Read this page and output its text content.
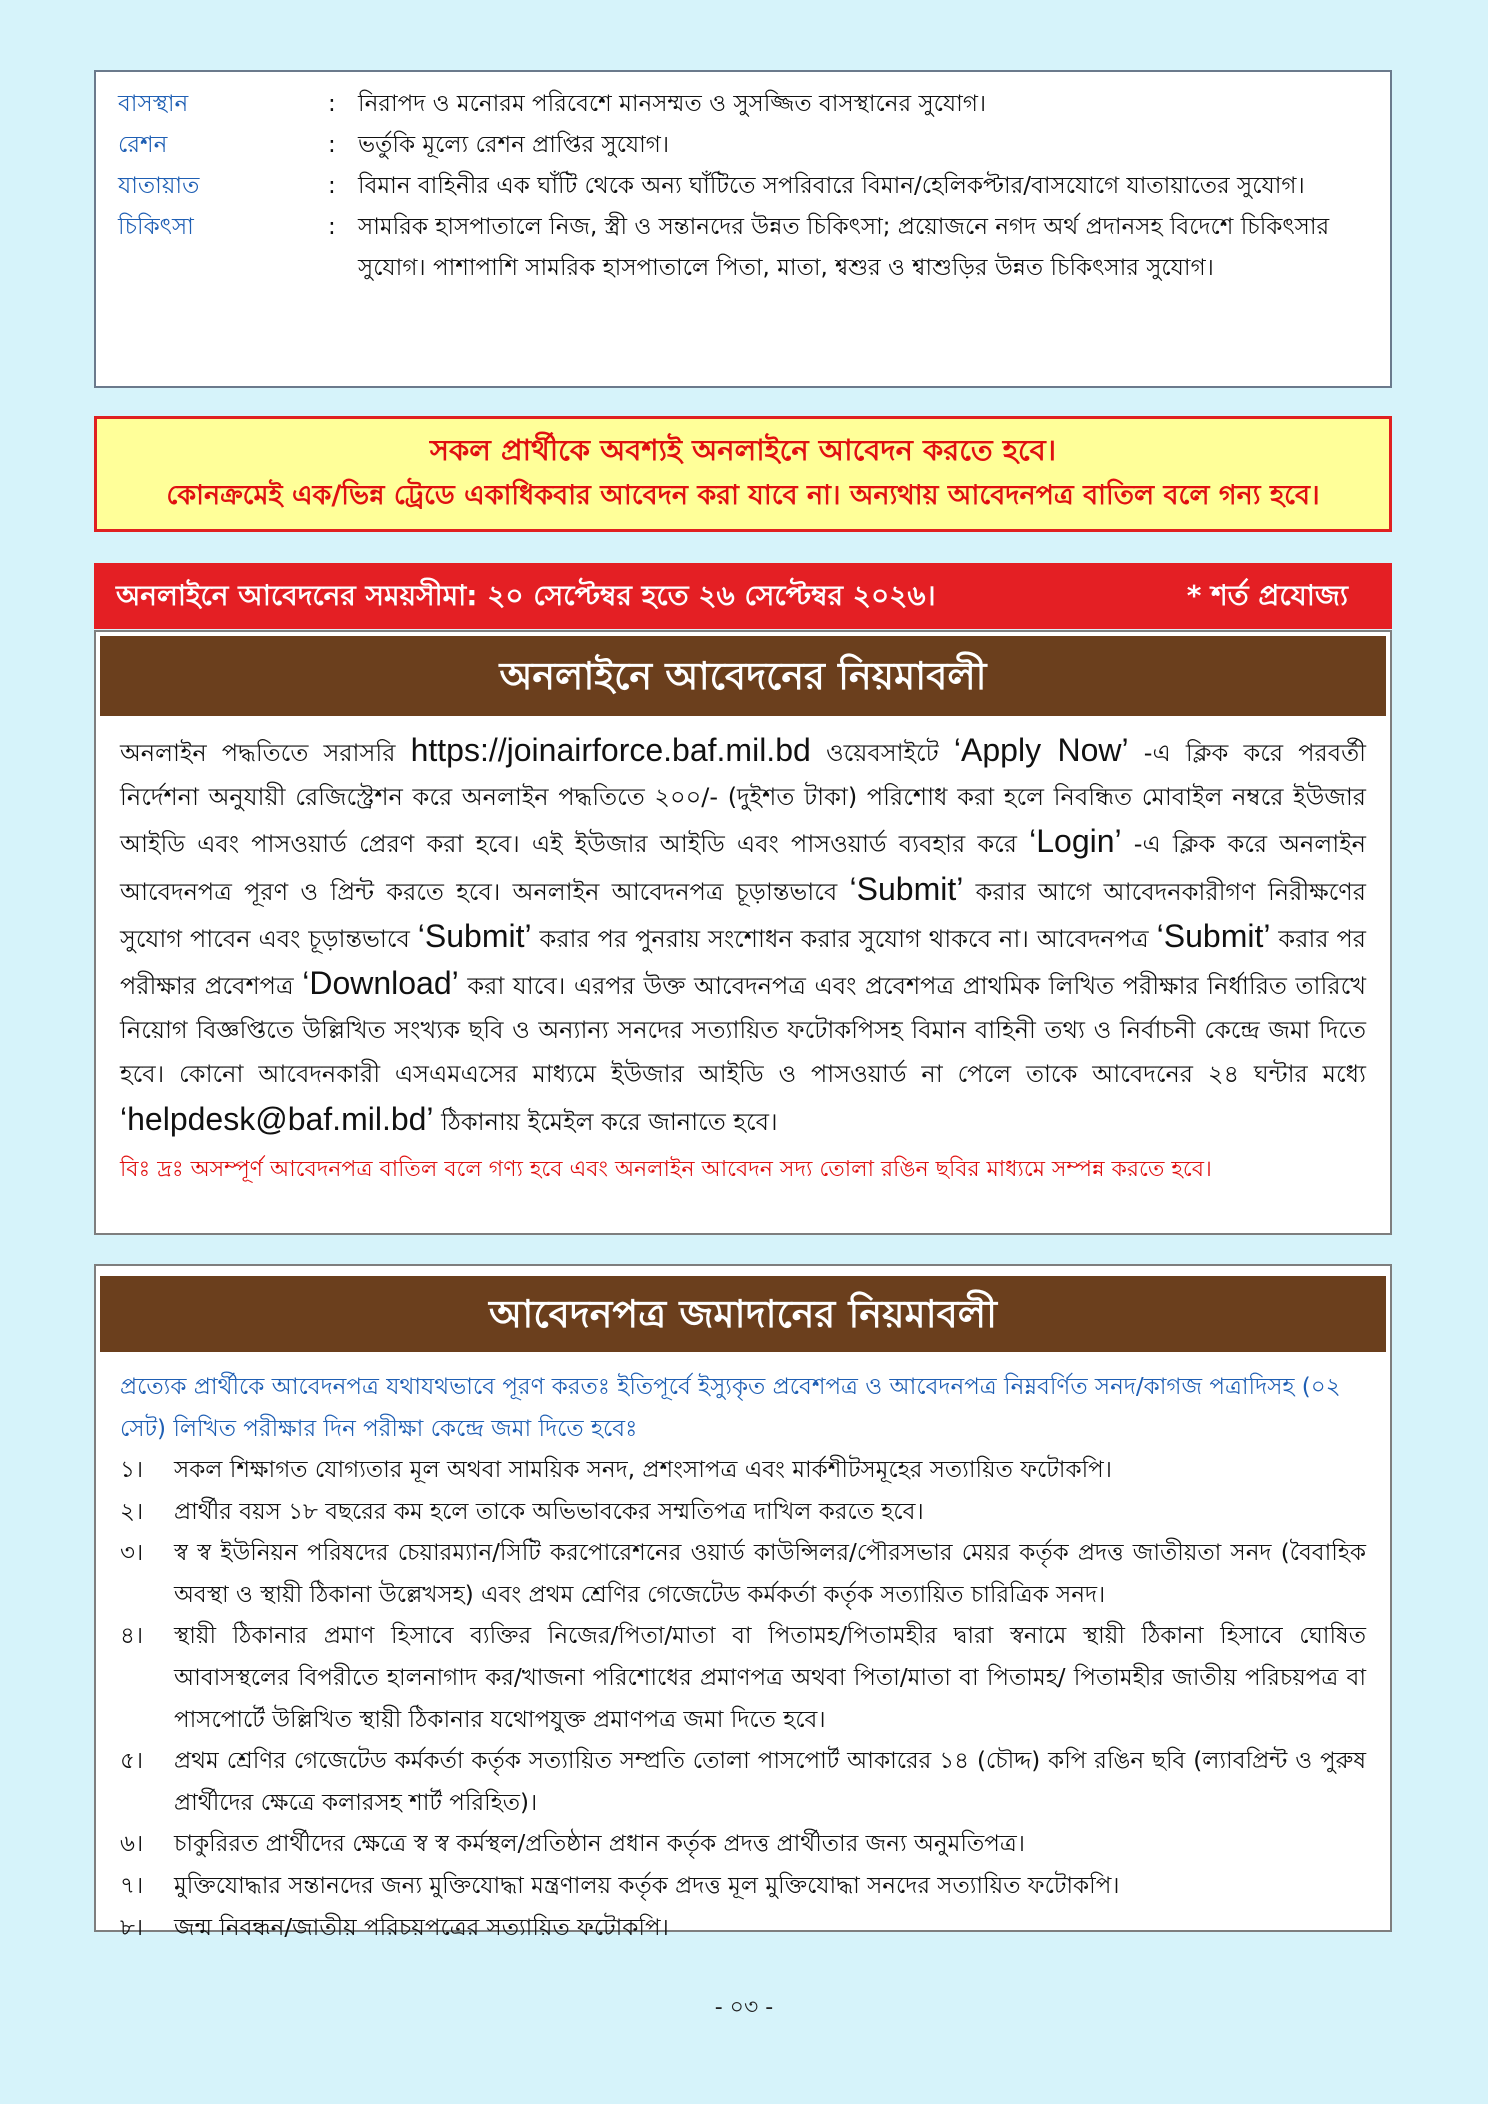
বাসস্থান	: নিরাপদ ও মনোরম পরিবেশে মানসম্মত ও সুসজ্জিত বাসস্থানের সুযোগ।
রেশন	: ভর্তুকি মূল্যে রেশন প্রাপ্তির সুযোগ।
যাতায়াত	: বিমান বাহিনীর এক ঘাঁটি থেকে অন্য ঘাঁটিতে সপরিবারে বিমান/হেলিকপ্টার/বাসযোগে যাতায়াতের সুযোগ।
চিকিৎসা	: সামরিক হাসপাতালে নিজ, স্ত্রী ও সন্তানদের উন্নত চিকিৎসা; প্রয়োজনে নগদ অর্থ প্রদানসহ বিদেশে চিকিৎসার সুযোগ। পাশাপাশি সামরিক হাসপাতালে পিতা, মাতা, শ্বশুর ও শ্বাশুড়ির উন্নত চিকিৎসার সুযোগ।
সকল প্রার্থীকে অবশ্যই অনলাইনে আবেদন করতে হবে।
কোনক্রমেই এক/ভিন্ন ট্রেডে একাধিকবার আবেদন করা যাবে না। অন্যথায় আবেদনপত্র বাতিল বলে গন্য হবে।
অনলাইনে আবেদনের সময়সীমা: ২০ সেপ্টেম্বর হতে ২৬ সেপ্টেম্বর ২০২৬।	* শর্ত প্রযোজ্য
অনলাইনে আবেদনের নিয়মাবলী
অনলাইন পদ্ধতিতে সরাসরি https://joinairforce.baf.mil.bd ওয়েবসাইটে ‘Apply Now’ -এ ক্লিক করে পরবর্তী নির্দেশনা অনুযায়ী রেজিস্ট্রেশন করে অনলাইন পদ্ধতিতে ২০০/- (দুইশত টাকা) পরিশোধ করা হলে নিবন্ধিত মোবাইল নম্বরে ইউজার আইডি এবং পাসওয়ার্ড প্রেরণ করা হবে। এই ইউজার আইডি এবং পাসওয়ার্ড ব্যবহার করে ‘Login’ -এ ক্লিক করে অনলাইন আবেদনপত্র পূরণ ও প্রিন্ট করতে হবে। অনলাইন আবেদনপত্র চূড়ান্তভাবে ‘Submit’ করার আগে আবেদনকারীগণ নিরীক্ষণের সুযোগ পাবেন এবং চূড়ান্তভাবে ‘Submit’ করার পর পুনরায় সংশোধন করার সুযোগ থাকবে না। আবেদনপত্র ‘Submit’ করার পর পরীক্ষার প্রবেশপত্র ‘Download’ করা যাবে। এরপর উক্ত আবেদনপত্র এবং প্রবেশপত্র প্রাথমিক লিখিত পরীক্ষার নির্ধারিত তারিখে নিয়োগ বিজ্ঞপ্তিতে উল্লিখিত সংখ্যক ছবি ও অন্যান্য সনদের সত্যায়িত ফটোকপিসহ বিমান বাহিনী তথ্য ও নির্বাচনী কেন্দ্রে জমা দিতে হবে। কোনো আবেদনকারী এসএমএসের মাধ্যমে ইউজার আইডি ও পাসওয়ার্ড না পেলে তাকে আবেদনের ২৪ ঘন্টার মধ্যে ‘helpdesk@baf.mil.bd’ ঠিকানায় ইমেইল করে জানাতে হবে।
বিঃ দ্রঃ অসম্পূর্ণ আবেদনপত্র বাতিল বলে গণ্য হবে এবং অনলাইন আবেদন সদ্য তোলা রঙিন ছবির মাধ্যমে সম্পন্ন করতে হবে।
আবেদনপত্র জমাদানের নিয়মাবলী
প্রত্যেক প্রার্থীকে আবেদনপত্র যথাযথভাবে পূরণ করতঃ ইতিপূর্বে ইস্যুকৃত প্রবেশপত্র ও আবেদনপত্র নিম্নবর্ণিত সনদ/কাগজ পত্রাদিসহ (০২ সেট) লিখিত পরীক্ষার দিন পরীক্ষা কেন্দ্রে জমা দিতে হবেঃ
১।	সকল শিক্ষাগত যোগ্যতার মূল অথবা সাময়িক সনদ, প্রশংসাপত্র এবং মার্কশীটসমূহের সত্যায়িত ফটোকপি।
২।	প্রার্থীর বয়স ১৮ বছরের কম হলে তাকে অভিভাবকের সম্মতিপত্র দাখিল করতে হবে।
৩।	স্ব স্ব ইউনিয়ন পরিষদের চেয়ারম্যান/সিটি করপোরেশনের ওয়ার্ড কাউন্সিলর/পৌরসভার মেয়র কর্তৃক প্রদত্ত জাতীয়তা সনদ (বৈবাহিক অবস্থা ও স্থায়ী ঠিকানা উল্লেখসহ) এবং প্রথম শ্রেণির গেজেটেড কর্মকর্তা কর্তৃক সত্যায়িত চারিত্রিক সনদ।
৪।	স্থায়ী ঠিকানার প্রমাণ হিসাবে ব্যক্তির নিজের/পিতা/মাতা বা পিতামহ/পিতামহীর দ্বারা স্বনামে স্থায়ী ঠিকানা হিসাবে ঘোষিত আবাসস্থলের বিপরীতে হালনাগাদ কর/খাজনা পরিশোধের প্রমাণপত্র অথবা পিতা/মাতা বা পিতামহ/ পিতামহীর জাতীয় পরিচয়পত্র বা পাসপোর্টে উল্লিখিত স্থায়ী ঠিকানার যথোপযুক্ত প্রমাণপত্র জমা দিতে হবে।
৫।	প্রথম শ্রেণির গেজেটেড কর্মকর্তা কর্তৃক সত্যায়িত সম্প্রতি তোলা পাসপোর্ট আকারের ১৪ (চৌদ্দ) কপি রঙিন ছবি (ল্যাবপ্রিন্ট ও পুরুষ প্রার্থীদের ক্ষেত্রে কলারসহ শার্ট পরিহিত)।
৬।	চাকুরিরত প্রার্থীদের ক্ষেত্রে স্ব স্ব কর্মস্থল/প্রতিষ্ঠান প্রধান কর্তৃক প্রদত্ত প্রার্থীতার জন্য অনুমতিপত্র।
৭।	মুক্তিযোদ্ধার সন্তানদের জন্য মুক্তিযোদ্ধা মন্ত্রণালয় কর্তৃক প্রদত্ত মূল মুক্তিযোদ্ধা সনদের সত্যায়িত ফটোকপি।
৮।	জন্ম নিবন্ধন/জাতীয় পরিচয়পত্রের সত্যায়িত ফটোকপি।
- ০৩ -
